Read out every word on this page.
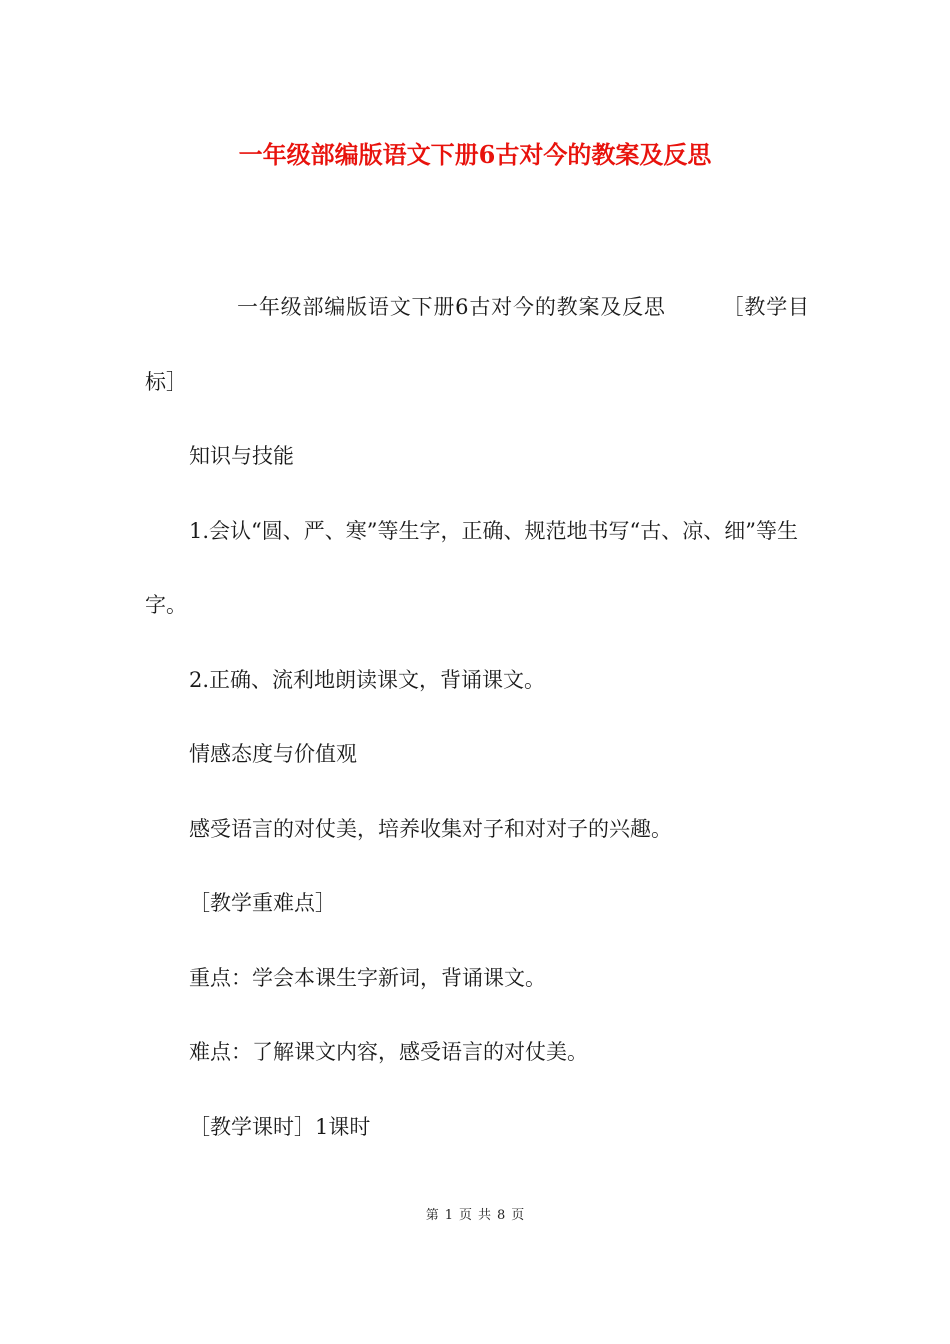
一年级部编版语文下册6古对今的教案及反思

一年级部编版语文下册6古对今的教案及反思	［教学目标］

知识与技能

1.会认“圆、严、寒”等生字，正确、规范地书写“古、凉、细”等生字。

2.正确、流利地朗读课文，背诵课文。

情感态度与价值观

感受语言的对仗美，培养收集对子和对对子的兴趣。

［教学重难点］

重点：学会本课生字新词，背诵课文。

难点：了解课文内容，感受语言的对仗美。

［教学课时］1课时

第 1 页 共 8 页
